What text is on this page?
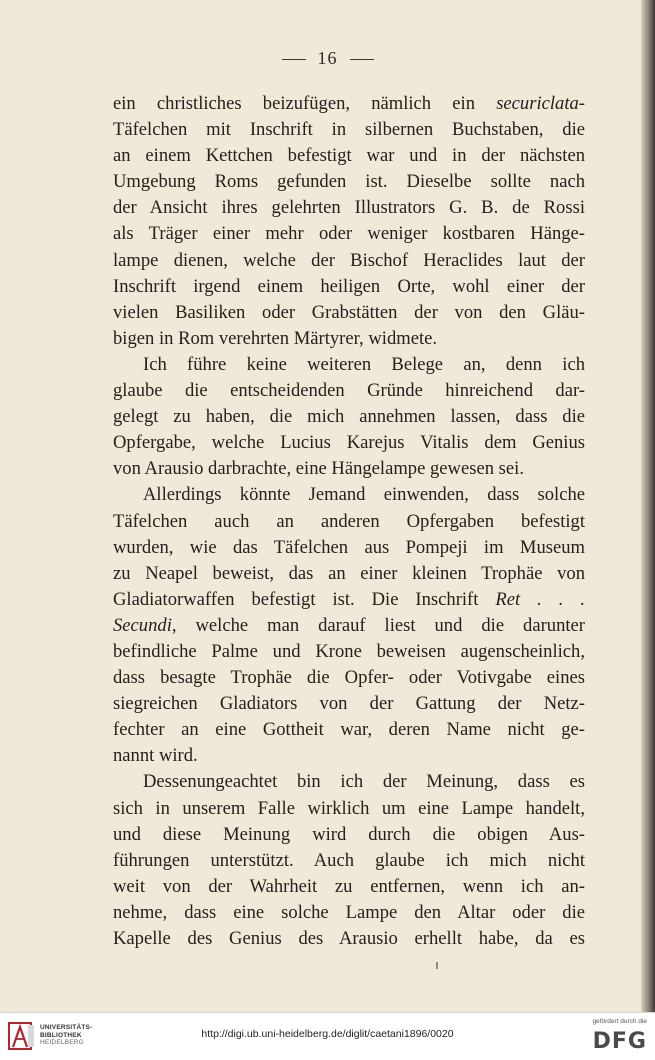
16
ein christliches beizufügen, nämlich ein securiclata-
Täfelchen mit Inschrift in silbernen Buchstaben, die
an einem Kettchen befestigt war und in der nächsten
Umgebung Roms gefunden ist. Dieselbe sollte nach
der Ansicht ihres gelehrten Illustrators G. B. de Rossi
als Träger einer mehr oder weniger kostbaren Hänge-
lampe dienen, welche der Bischof Heraclides laut der
Inschrift irgend einem heiligen Orte, wohl einer der
vielen Basiliken oder Grabstätten der von den Gläu-
bigen in Rom verehrten Märtyrer, widmete.
Ich führe keine weiteren Belege an, denn ich
glaube die entscheidenden Gründe hinreichend dar-
gelegt zu haben, die mich annehmen lassen, dass die
Opfergabe, welche Lucius Karejus Vitalis dem Genius
von Arausio darbrachte, eine Hängelampe gewesen sei.
Allerdings könnte Jemand einwenden, dass solche
Täfelchen auch an anderen Opfergaben befestigt
wurden, wie das Täfelchen aus Pompeji im Museum
zu Neapel beweist, das an einer kleinen Trophäe von
Gladiatorwaffen befestigt ist. Die Inschrift Ret . . .
Secundi, welche man darauf liest und die darunter
befindliche Palme und Krone beweisen augenscheinlich,
dass besagte Trophäe die Opfer- oder Votivgabe eines
siegreichen Gladiators von der Gattung der Netz-
fechter an eine Gottheit war, deren Name nicht ge-
nannt wird.
Dessenungeachtet bin ich der Meinung, dass es
sich in unserem Falle wirklich um eine Lampe handelt,
und diese Meinung wird durch die obigen Aus-
führungen unterstützt. Auch glaube ich mich nicht
weit von der Wahrheit zu entfernen, wenn ich an-
nehme, dass eine solche Lampe den Altar oder die
Kapelle des Genius des Arausio erhellt habe, da es
UNIVERSITÄTS-
BIBLIOTHEK
HEIDELBERG
http://digi.ub.uni-heidelberg.de/diglit/caetani1896/0020
gefördert durch die
DFG
